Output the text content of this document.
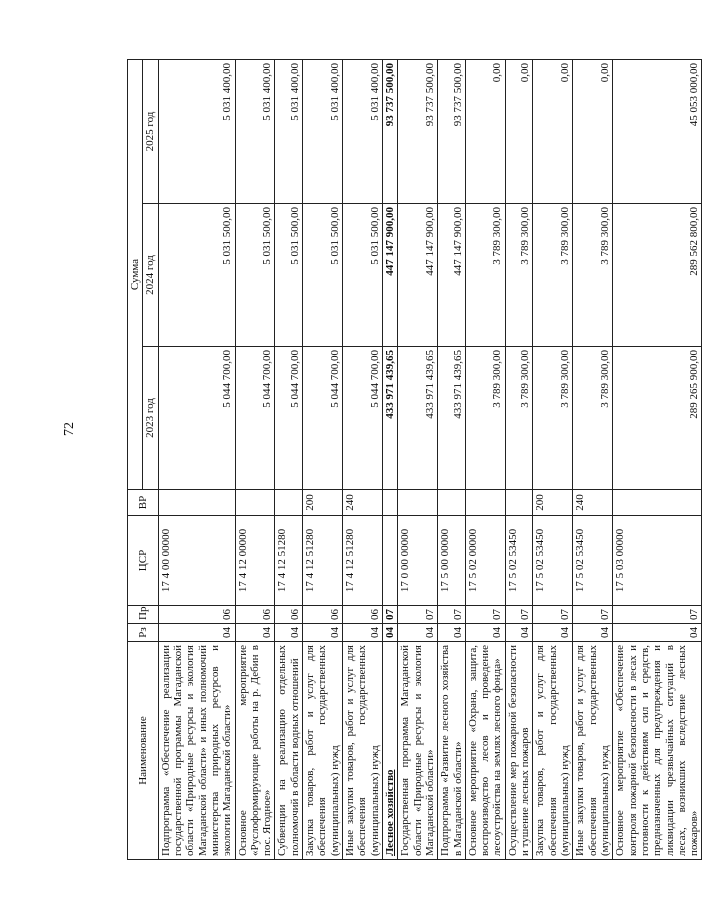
72
Наименование	Рз	Пр	ЦСР	ВР	Сумма		
					2023 год	2024 год	2025 год
Подпрограмма «Обеспечение реализации государственной программы Магаданской области «Природные ресурсы и экология Магаданской области» и иных полномочий министерства природных ресурсов и экологии Магаданской области»	04	06	17 4 00 00000		5 044 700,00	5 031 500,00	5 031 400,00
Основное мероприятие «Руслоформирующие работы на р. Дебин в пос. Ягодное»	04	06	17 4 12 00000		5 044 700,00	5 031 500,00	5 031 400,00
Субвенции на реализацию отдельных полномочий в области водных отношений	04	06	17 4 12 51280		5 044 700,00	5 031 500,00	5 031 400,00
Закупка товаров, работ и услуг для обеспечения государственных (муниципальных) нужд	04	06	17 4 12 51280	200	5 044 700,00	5 031 500,00	5 031 400,00
Иные закупки товаров, работ и услуг для обеспечения государственных (муниципальных) нужд	04	06	17 4 12 51280	240	5 044 700,00	5 031 500,00	5 031 400,00
Лесное хозяйство	04	07			433 971 439,65	447 147 900,00	93 737 500,00
Государственная программа Магаданской области «Природные ресурсы и экология Магаданской области»	04	07	17 0 00 00000		433 971 439,65	447 147 900,00	93 737 500,00
Подпрограмма «Развитие лесного хозяйства в Магаданской области»	04	07	17 5 00 00000		433 971 439,65	447 147 900,00	93 737 500,00
Основное мероприятие «Охрана, защита, воспроизводство лесов и проведение лесоустройства на землях лесного фонда»	04	07	17 5 02 00000		3 789 300,00	3 789 300,00	0,00
Осуществление мер пожарной безопасности и тушение лесных пожаров	04	07	17 5 02 53450		3 789 300,00	3 789 300,00	0,00
Закупка товаров, работ и услуг для обеспечения государственных (муниципальных) нужд	04	07	17 5 02 53450	200	3 789 300,00	3 789 300,00	0,00
Иные закупки товаров, работ и услуг для обеспечения государственных (муниципальных) нужд	04	07	17 5 02 53450	240	3 789 300,00	3 789 300,00	0,00
Основное мероприятие «Обеспечение контроля пожарной безопасности в лесах и готовности к действиям сил и средств, предназначенных для предупреждения и ликвидации чрезвычайных ситуаций в лесах, возникших вследствие лесных пожаров»	04	07	17 5 03 00000		289 265 900,00	289 562 800,00	45 053 000,00
